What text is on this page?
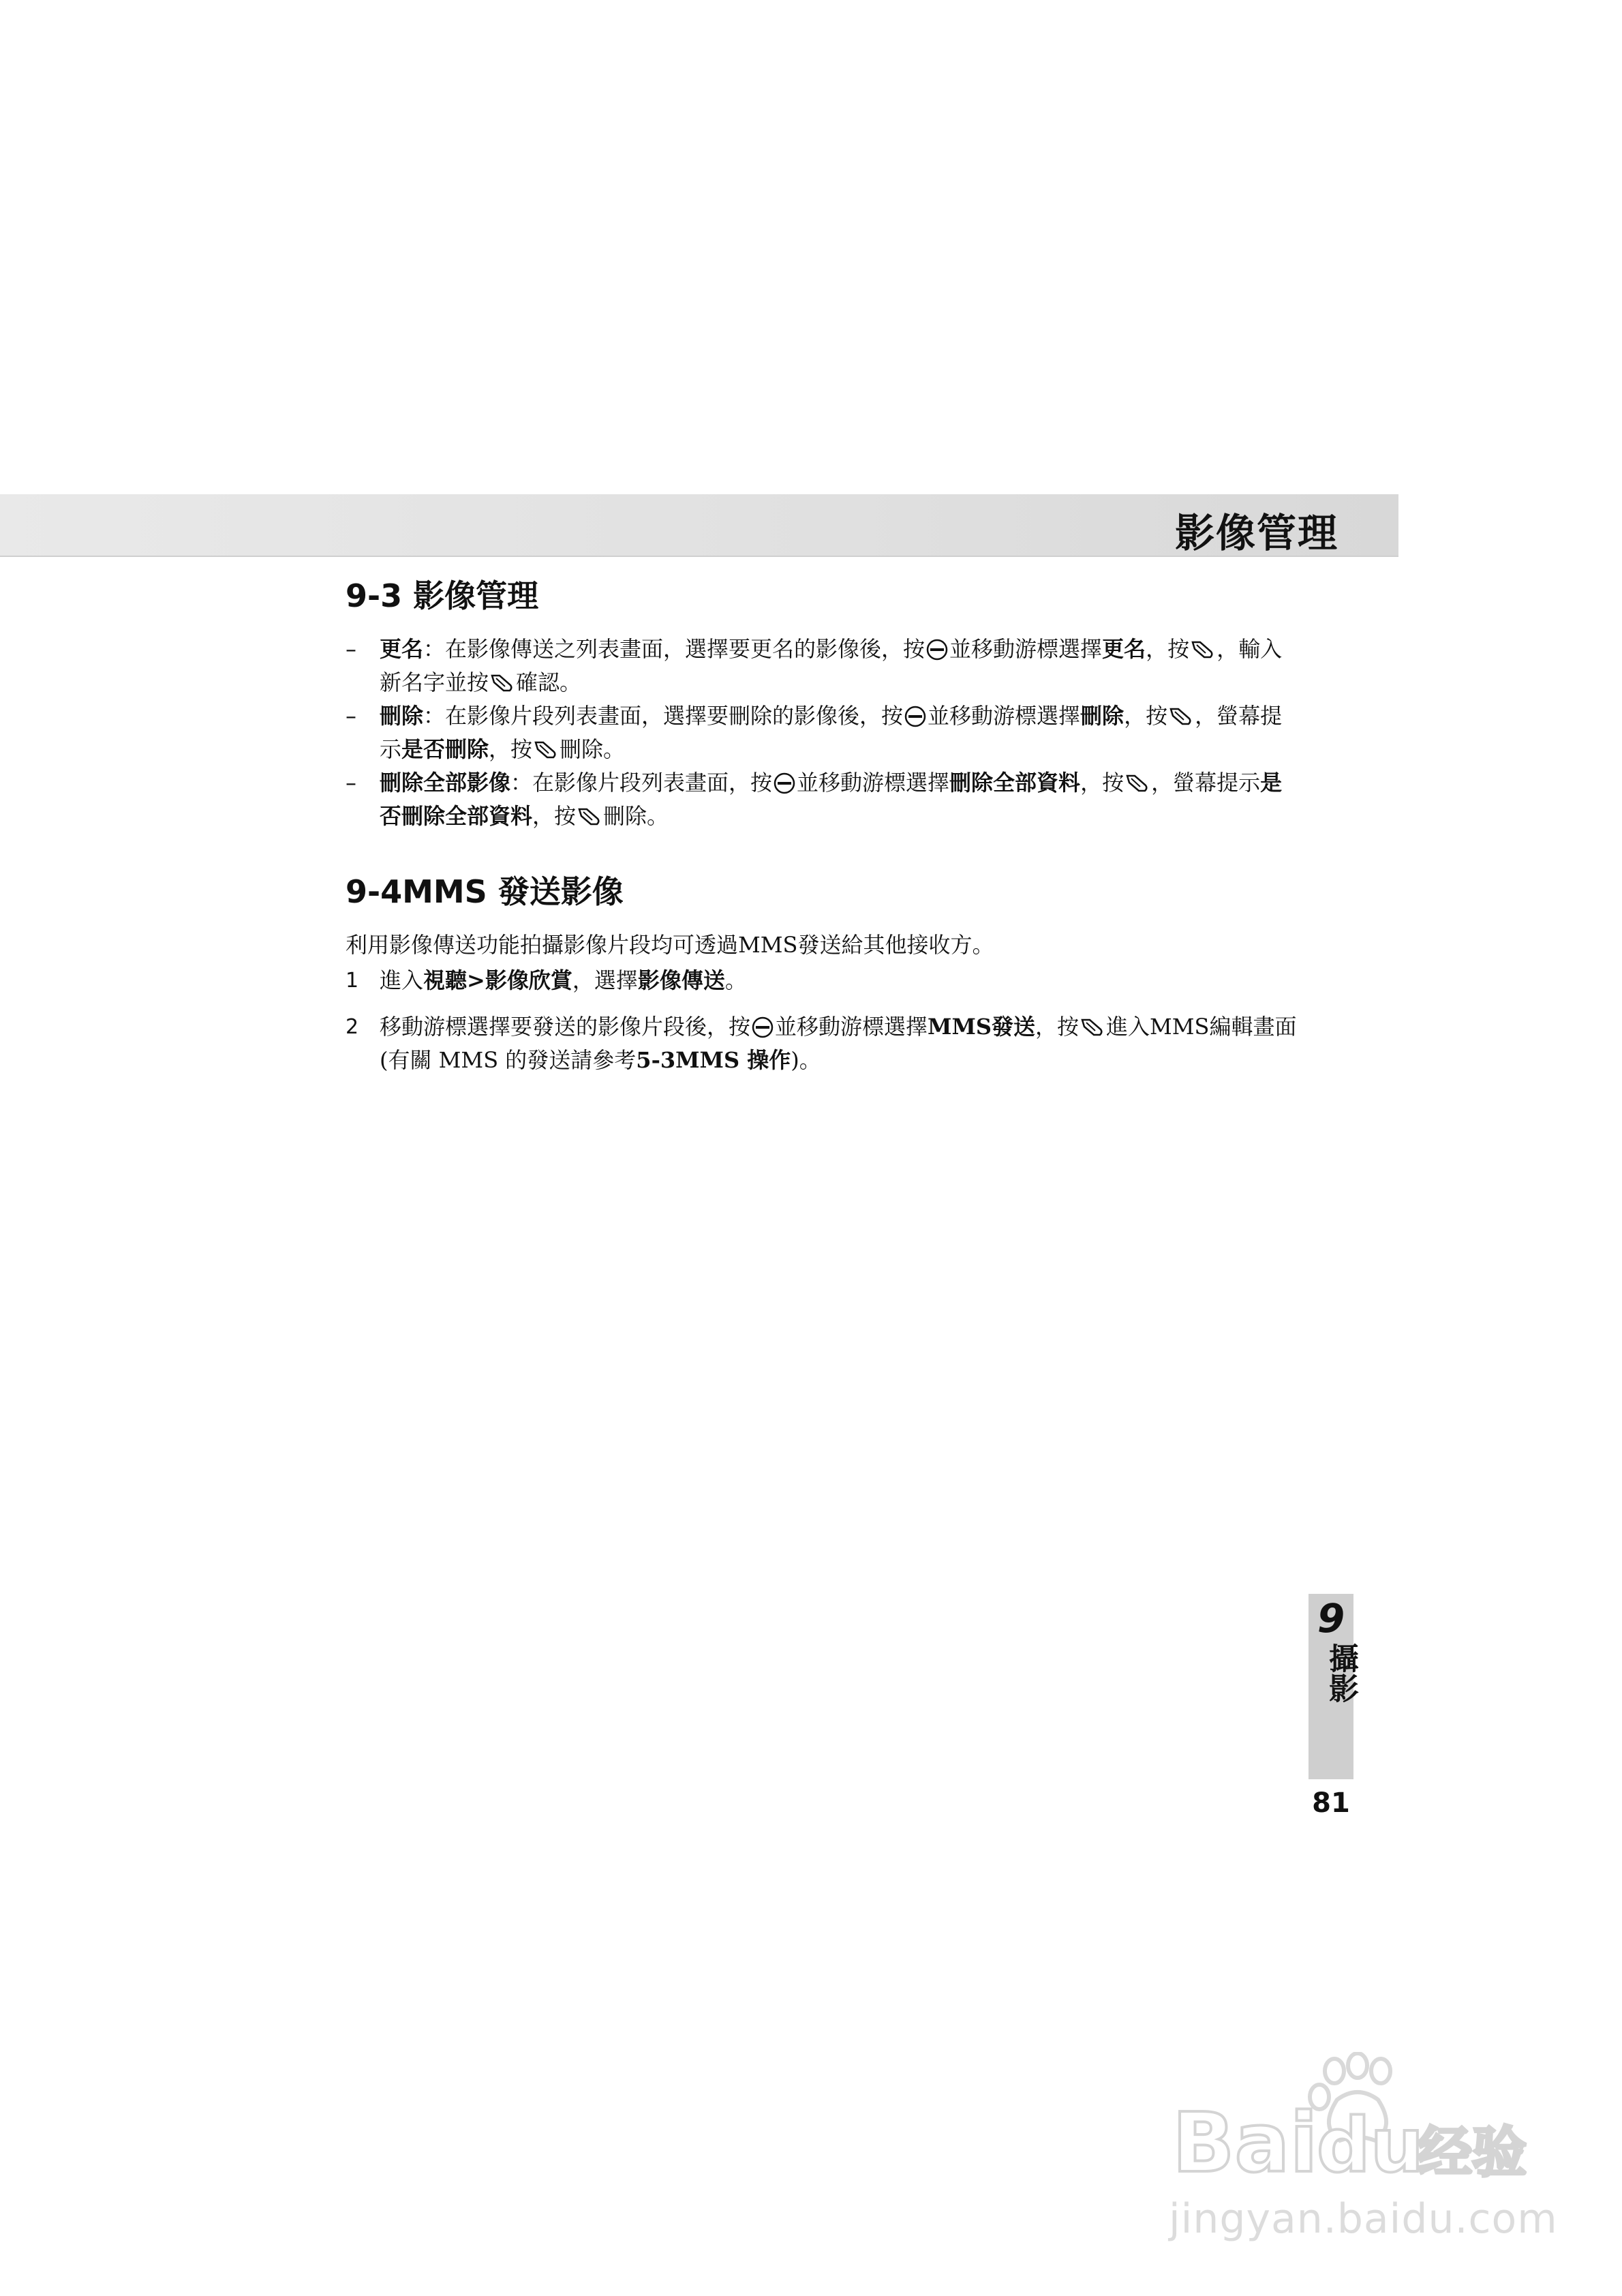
影像管理
9-3 影像管理
–	更名：在影像傳送之列表畫面，選擇要更名的影像後，按 並移動游標選擇更名，按 ，輸入新名字並按 確認。
–	刪除：在影像片段列表畫面，選擇要刪除的影像後，按 並移動游標選擇刪除，按 ，螢幕提示是否刪除，按 刪除。
–	刪除全部影像：在影像片段列表畫面，按 並移動游標選擇刪除全部資料，按 ，螢幕提示是否刪除全部資料，按 刪除。
9-4MMS 發送影像

利用影像傳送功能拍攝影像片段均可透過MMS發送給其他接收方。

1 進入視聽>影像欣賞，選擇影像傳送。
2 移動游標選擇要發送的影像片段後，按 並移動游標選擇MMS發送，按 進入MMS編輯畫面(有關 MMS 的發送請參考5-3MMS 操作)。
9
攝影
81
Bai
du
经验
jingyan.baidu.com
